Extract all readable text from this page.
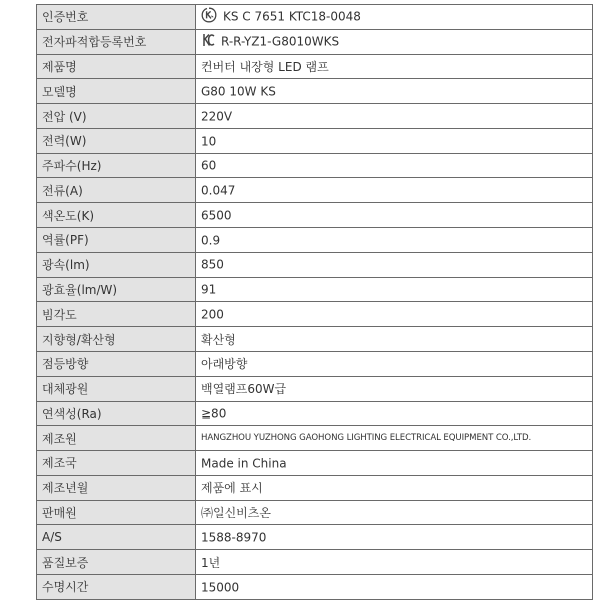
인증번호	KS C 7651 KTC18-0048
전자파적합등록번호	R-R-YZ1-G8010WKS
제품명	컨버터 내장형 LED 램프
모델명	G80 10W KS
전압 (V)	220V
전력(W)	10
주파수(Hz)	60
전류(A)	0.047
색온도(K)	6500
역률(PF)	0.9
광속(lm)	850
광효율(lm/W)	91
빔각도	200
지향형/확산형	확산형
점등방향	아래방향
대체광원	백열램프60W급
연색성(Ra)	≧80
제조원	HANGZHOU YUZHONG GAOHONG LIGHTING ELECTRICAL EQUIPMENT CO.,LTD.
제조국	Made in China
제조년월	제품에 표시
판매원	㈜일신비츠온
A/S	1588-8970
품질보증	1년
수명시간	15000
